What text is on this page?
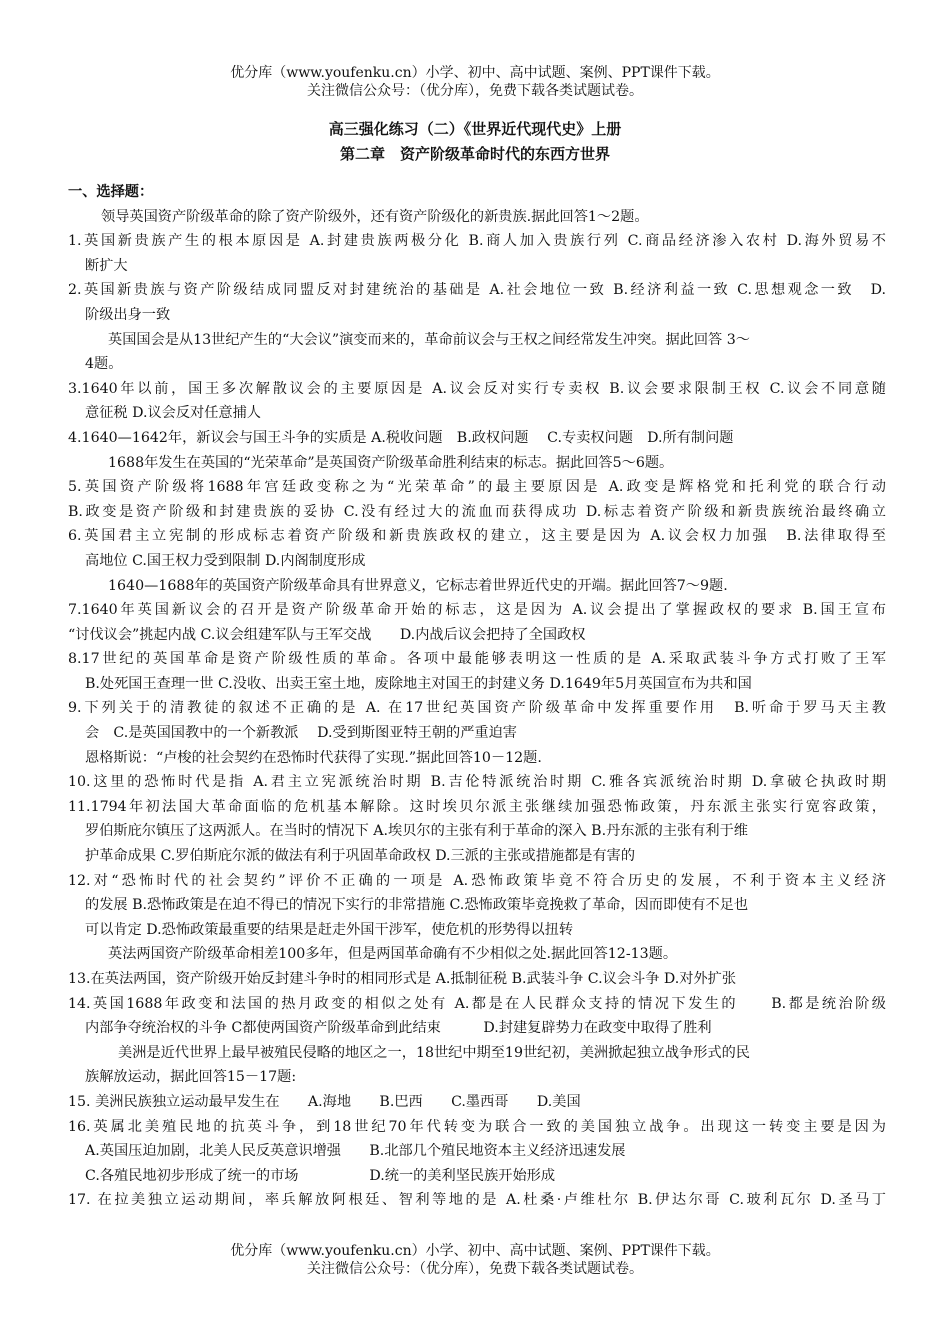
优分库（www.youfenku.cn）小学、初中、高中试题、案例、PPT课件下载。
关注微信公众号：（优分库），免费下载各类试题试卷。
高三强化练习（二）《世界近代现代史》上册
第二章　资产阶级革命时代的东西方世界
一、选择题：
领导英国资产阶级革命的除了资产阶级外，还有资产阶级化的新贵族.据此回答1～2题。
1.英国新贵族产生的根本原因是 A.封建贵族两极分化 B.商人加入贵族行列 C.商品经济渗入农村 D.海外贸易不
断扩大
2.英国新贵族与资产阶级结成同盟反对封建统治的基础是 A.社会地位一致 B.经济利益一致 C.思想观念一致　D.
阶级出身一致
英国国会是从13世纪产生的“大会议”演变而来的，革命前议会与王权之间经常发生冲突。据此回答 3～
4题。
3.1640年以前，国王多次解散议会的主要原因是 A.议会反对实行专卖权 B.议会要求限制王权 C.议会不同意随
意征税 D.议会反对任意捕人
4.1640—1642年，新议会与国王斗争的实质是 A.税收问题　B.政权问题　 C.专卖权问题　D.所有制问题
1688年发生在英国的“光荣革命”是英国资产阶级革命胜利结束的标志。据此回答5～6题。
5.英国资产阶级将1688年宫廷政变称之为“光荣革命”的最主要原因是 A.政变是辉格党和托利党的联合行动
B.政变是资产阶级和封建贵族的妥协 C.没有经过大的流血而获得成功 D.标志着资产阶级和新贵族统治最终确立
6.英国君主立宪制的形成标志着资产阶级和新贵族政权的建立，这主要是因为 A.议会权力加强　B.法律取得至
高地位 C.国王权力受到限制 D.内阁制度形成
1640—1688年的英国资产阶级革命具有世界意义，它标志着世界近代史的开端。据此回答7～9题.
7.1640年英国新议会的召开是资产阶级革命开始的标志，这是因为 A.议会提出了掌握政权的要求 B.国王宣布
“讨伐议会”挑起内战 C.议会组建军队与王军交战　　D.内战后议会把持了全国政权
8.17世纪的英国革命是资产阶级性质的革命。各项中最能够表明这一性质的是 A.采取武装斗争方式打败了王军
B.处死国王查理一世 C.没收、出卖王室土地，废除地主对国王的封建义务 D.1649年5月英国宣布为共和国
9.下列关于的清教徒的叙述不正确的是 A. 在17世纪英国资产阶级革命中发挥重要作用　B.听命于罗马天主教
会　C.是英国国教中的一个新教派　 D.受到斯图亚特王朝的严重迫害
恩格斯说：“卢梭的社会契约在恐怖时代获得了实现.”据此回答10－12题.
10.这里的恐怖时代是指 A.君主立宪派统治时期 B.吉伦特派统治时期 C.雅各宾派统治时期 D.拿破仑执政时期
11.1794年初法国大革命面临的危机基本解除。这时埃贝尔派主张继续加强恐怖政策，丹东派主张实行宽容政策，
罗伯斯庇尔镇压了这两派人。在当时的情况下 A.埃贝尔的主张有利于革命的深入 B.丹东派的主张有利于维
护革命成果 C.罗伯斯庇尔派的做法有利于巩固革命政权 D.三派的主张或措施都是有害的
12.对“恐怖时代的社会契约”评价不正确的一项是 A.恐怖政策毕竟不符合历史的发展，不利于资本主义经济
的发展 B.恐怖政策是在迫不得已的情况下实行的非常措施 C.恐怖政策毕竟挽救了革命，因而即使有不足也
可以肯定 D.恐怖政策最重要的结果是赶走外国干涉军，使危机的形势得以扭转
英法两国资产阶级革命相差100多年，但是两国革命确有不少相似之处.据此回答12-13题。
13.在英法两国，资产阶级开始反封建斗争时的相同形式是 A.抵制征税 B.武装斗争 C.议会斗争 D.对外扩张
14.英国1688年政变和法国的热月政变的相似之处有 A.都是在人民群众支持的情况下发生的　　B.都是统治阶级
内部争夺统治权的斗争 C都使两国资产阶级革命到此结束　　　D.封建复辟势力在政变中取得了胜利
美洲是近代世界上最早被殖民侵略的地区之一，18世纪中期至19世纪初，美洲掀起独立战争形式的民
族解放运动，据此回答15－17题:
15. 美洲民族独立运动最早发生在　　A.海地　　B.巴西　　C.墨西哥　　D.美国
16.英属北美殖民地的抗英斗争，到18世纪70年代转变为联合一致的美国独立战争。出现这一转变主要是因为
A.英国压迫加剧，北美人民反英意识增强　　B.北部几个殖民地资本主义经济迅速发展
C.各殖民地初步形成了统一的市场　　　　　D.统一的美利坚民族开始形成
17. 在拉美独立运动期间，率兵解放阿根廷、智利等地的是 A.杜桑·卢维杜尔 B.伊达尔哥 C.玻利瓦尔 D.圣马丁
优分库（www.youfenku.cn）小学、初中、高中试题、案例、PPT课件下载。
关注微信公众号：（优分库），免费下载各类试题试卷。
